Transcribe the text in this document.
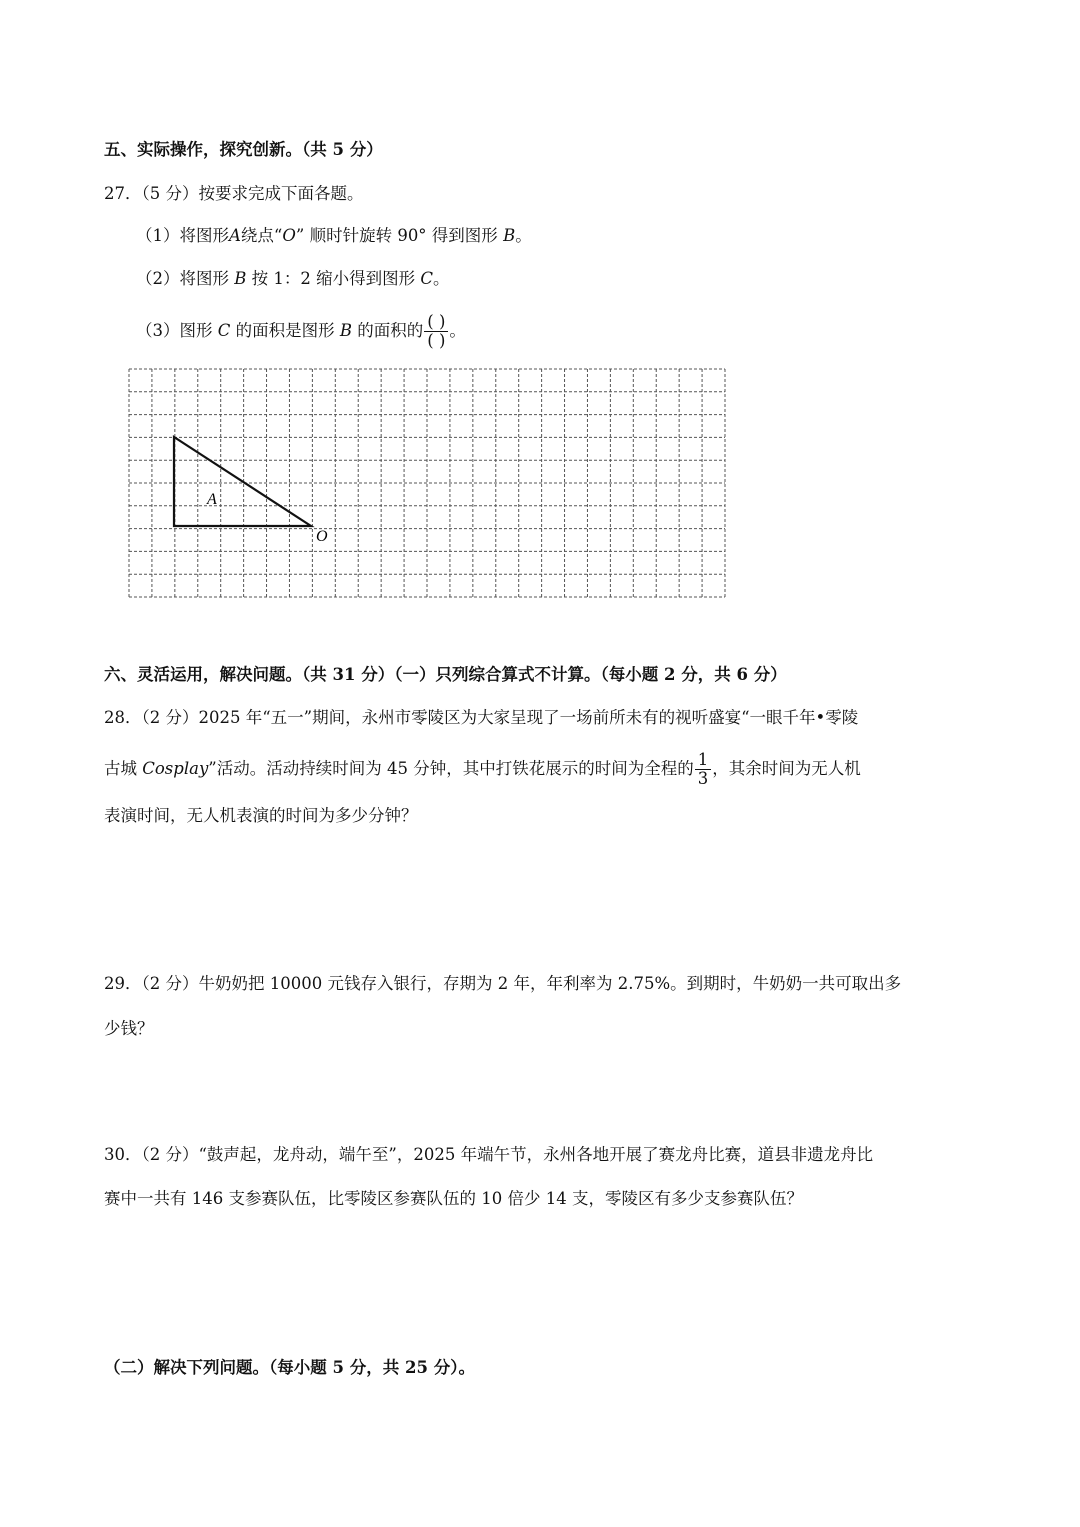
五、实际操作，探究创新。（共 5 分）
27．（5 分）按要求完成下面各题。
（1）将图形A绕点“O” 顺时针旋转 90° 得到图形 B。
（2）将图形 B 按 1：2 缩小得到图形 C。
（3）图形 C 的面积是图形 B 的面积的 $\frac{( )}{( )}$ 。
A
O
六、灵活运用，解决问题。（共 31 分）（一）只列综合算式不计算。（每小题 2 分，共 6 分）
28．（2 分）2025 年“五一”期间，永州市零陵区为大家呈现了一场前所未有的视听盛宴“一眼千年•零陵
古城 Cosplay”活动。活动持续时间为 45 分钟，其中打铁花展示的时间为全程的 $\frac{1}{3}$ ，其余时间为无人机
表演时间，无人机表演的时间为多少分钟？
29．（2 分）牛奶奶把 10000 元钱存入银行，存期为 2 年，年利率为 2.75%。到期时，牛奶奶一共可取出多
少钱？
30．（2 分）“鼓声起，龙舟动，端午至”，2025 年端午节，永州各地开展了赛龙舟比赛，道县非遗龙舟比
赛中一共有 146 支参赛队伍，比零陵区参赛队伍的 10 倍少 14 支，零陵区有多少支参赛队伍？
（二）解决下列问题。（每小题 5 分，共 25 分）。
